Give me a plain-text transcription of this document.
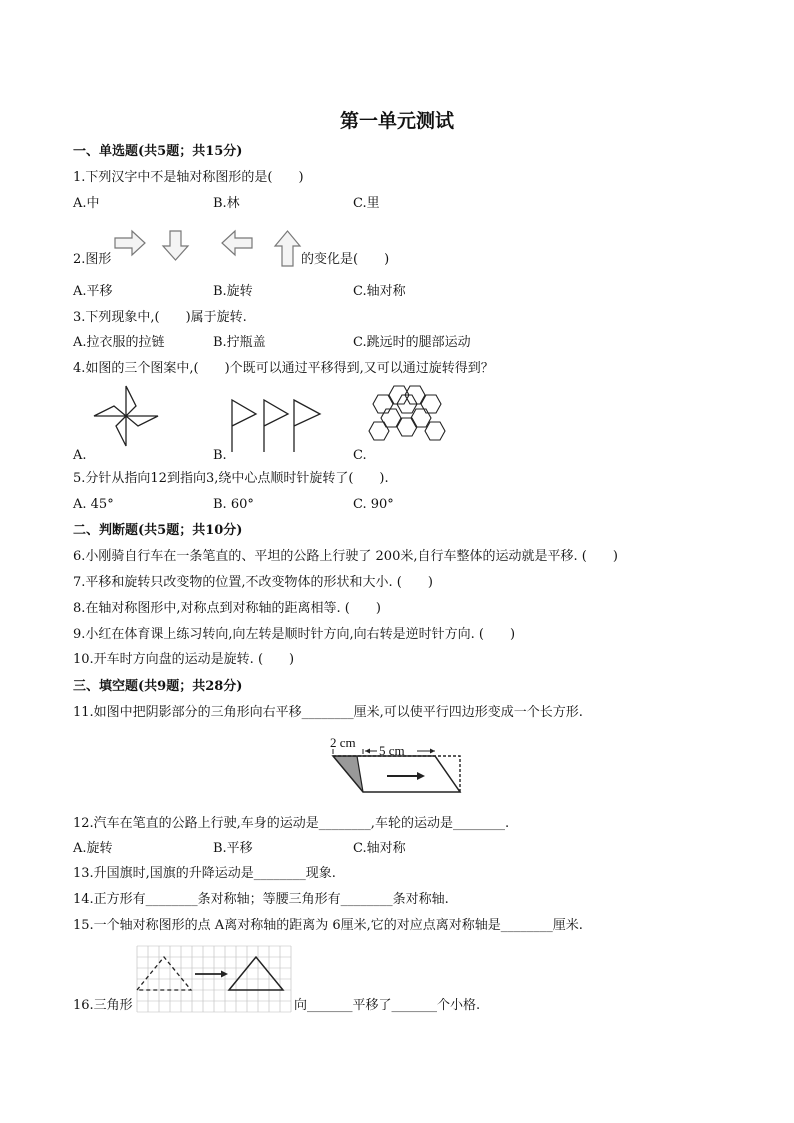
第一单元测试
一、单选题(共5题；共15分)
1.下列汉字中不是轴对称图形的是(　　)
A.中	B.林	C.里
2.图形	的变化是(　　)
A.平移	B.旋转	C.轴对称
3.下列现象中,(　　)属于旋转.
A.拉衣服的拉链	B.拧瓶盖	C.跳远时的腿部运动
4.如图的三个图案中,(　　)个既可以通过平移得到,又可以通过旋转得到？
A.	B.	C.
5.分针从指向12到指向3,绕中心点顺时针旋转了(　　).
A. 45°	B. 60°	C. 90°
二、判断题(共5题；共10分)
6.小刚骑自行车在一条笔直的、平坦的公路上行驶了 200米,自行车整体的运动就是平移. (　　)
7.平移和旋转只改变物的位置,不改变物体的形状和大小. (　　)
8.在轴对称图形中,对称点到对称轴的距离相等. (　　)
9.小红在体育课上练习转向,向左转是顺时针方向,向右转是逆时针方向. (　　)
10.开车时方向盘的运动是旋转. (　　)
三、填空题(共9题；共28分)
11.如图中把阴影部分的三角形向右平移________厘米,可以使平行四边形变成一个长方形.
2 cm
5 cm
12.汽车在笔直的公路上行驶,车身的运动是________,车轮的运动是________.
A.旋转	B.平移	C.轴对称
13.升国旗时,国旗的升降运动是________现象.
14.正方形有________条对称轴；等腰三角形有________条对称轴.
15.一个轴对称图形的点 A离对称轴的距离为 6厘米,它的对应点离对称轴是________厘米.
16.三角形	向_______平移了_______个小格.
